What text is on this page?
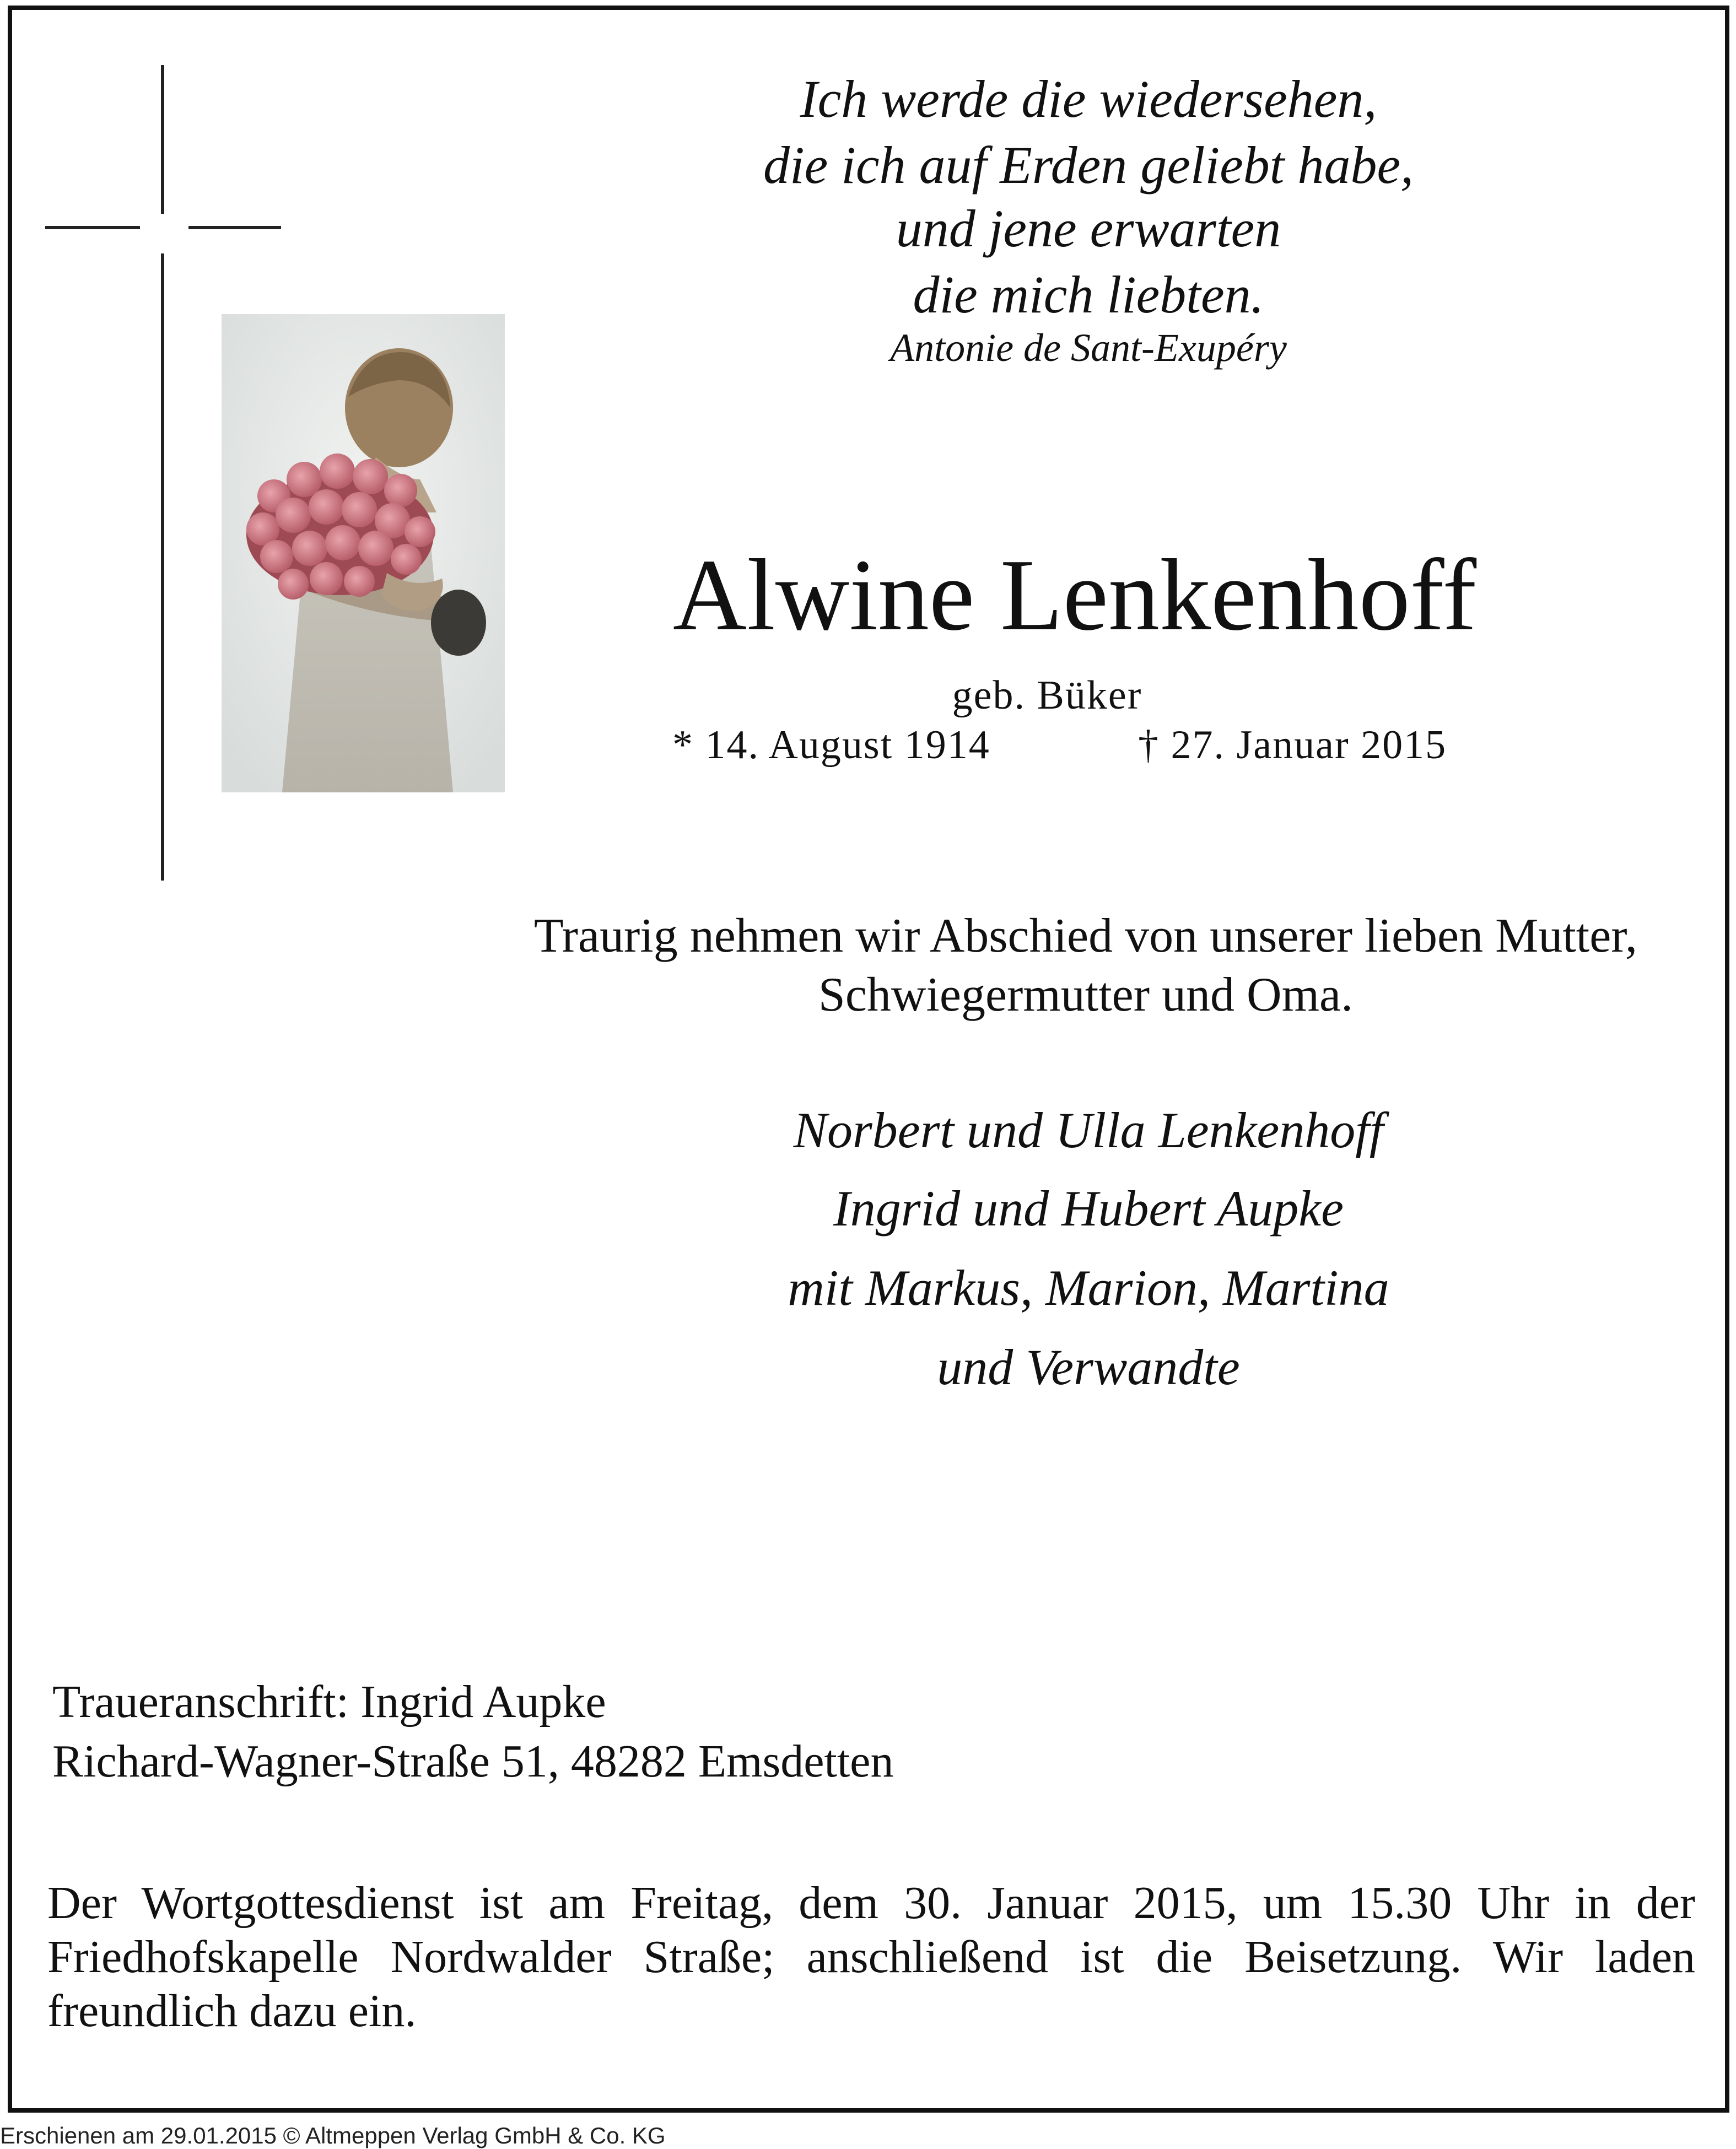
Ich werde die wiedersehen,
die ich auf Erden geliebt habe,
und jene erwarten
die mich liebten.
Antonie de Sant-Exupéry
Alwine Lenkenhoff
geb. Büker
* 14. August 1914	† 27. Januar 2015
Traurig nehmen wir Abschied von unserer lieben Mutter,
Schwiegermutter und Oma.
Norbert und Ulla Lenkenhoff
Ingrid und Hubert Aupke
mit Markus, Marion, Martina
und Verwandte
Traueranschrift: Ingrid Aupke
Richard-Wagner-Straße 51, 48282 Emsdetten
Der Wortgottesdienst ist am Freitag, dem 30. Januar 2015, um 15.30 Uhr in der
Friedhofskapelle Nordwalder Straße; anschließend ist die Beisetzung. Wir laden
freundlich dazu ein.
Erschienen am 29.01.2015 © Altmeppen Verlag GmbH & Co. KG
